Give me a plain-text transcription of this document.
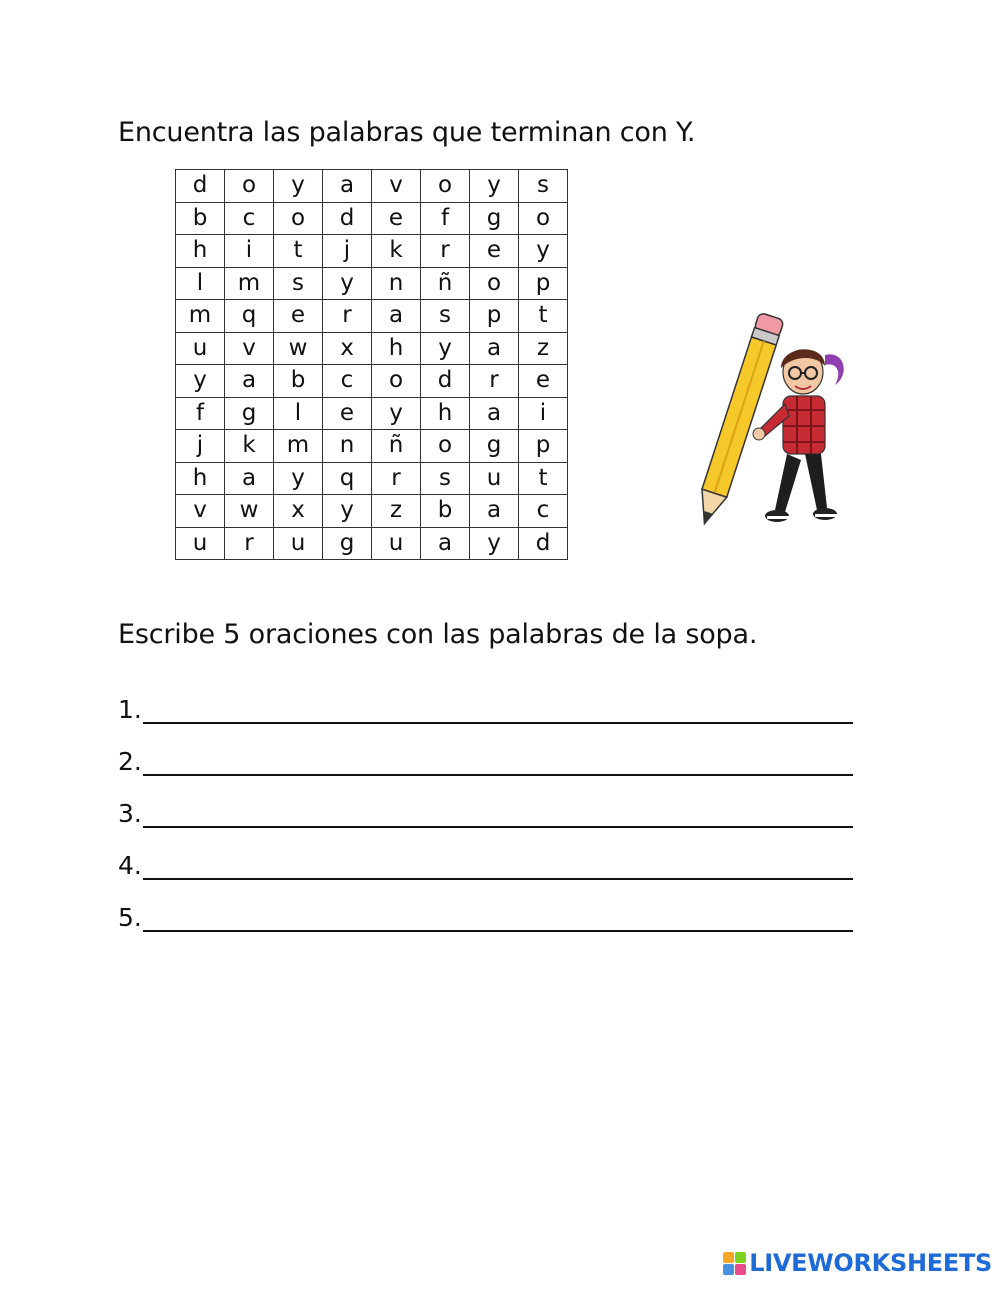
Encuentra las palabras que terminan con Y.
d	o	y	a	v	o	y	s
b	c	o	d	e	f	g	o
h	i	t	j	k	r	e	y
l	m	s	y	n	ñ	o	p
m	q	e	r	a	s	p	t
u	v	w	x	h	y	a	z
y	a	b	c	o	d	r	e
f	g	l	e	y	h	a	i
j	k	m	n	ñ	o	g	p
h	a	y	q	r	s	u	t
v	w	x	y	z	b	a	c
u	r	u	g	u	a	y	d
Escribe 5 oraciones con las palabras de la sopa.
1.
2.
3.
4.
5.
LIVEWORKSHEETS
